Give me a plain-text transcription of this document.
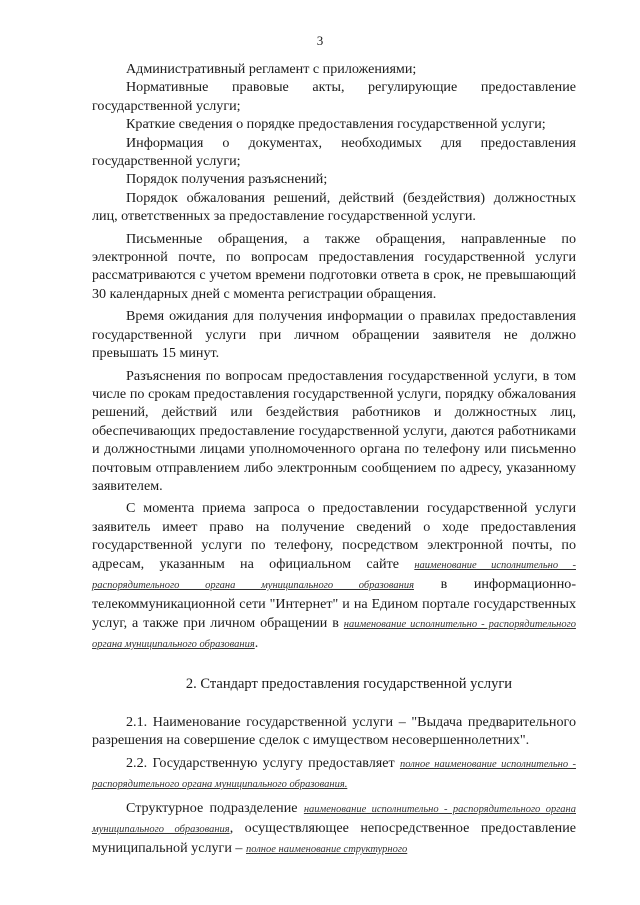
3

Административный регламент с приложениями;

Нормативные правовые акты, регулирующие предоставление государственной услуги;

Краткие сведения о порядке предоставления государственной услуги;

Информация о документах, необходимых для предоставления государственной услуги;

Порядок получения разъяснений;

Порядок обжалования решений, действий (бездействия) должностных лиц, ответственных за предоставление государственной услуги.

Письменные обращения, а также обращения, направленные по электронной почте, по вопросам предоставления государственной услуги рассматриваются с учетом времени подготовки ответа в срок, не превышающий 30 календарных дней с момента регистрации обращения.

Время ожидания для получения информации о правилах предоставления государственной услуги при личном обращении заявителя не должно превышать 15 минут.

Разъяснения по вопросам предоставления государственной услуги, в том числе по срокам предоставления государственной услуги, порядку обжалования решений, действий или бездействия работников и должностных лиц, обеспечивающих предоставление государственной услуги, даются работниками и должностными лицами уполномоченного органа по телефону или письменно почтовым отправлением либо электронным сообщением по адресу, указанному заявителем.

С момента приема запроса о предоставлении государственной услуги заявитель имеет право на получение сведений о ходе предоставления государственной услуги по телефону, посредством электронной почты, по адресам, указанным на официальном сайте наименование исполнительно - распорядительного органа муниципального образования в информационно-телекоммуникационной сети "Интернет" и на Едином портале государственных услуг, а также при личном обращении в наименование исполнительно - распорядительного органа муниципального образования.

2. Стандарт предоставления государственной услуги

2.1. Наименование государственной услуги – "Выдача предварительного разрешения на совершение сделок с имуществом несовершеннолетних".

2.2. Государственную услугу предоставляет полное наименование исполнительно - распорядительного органа муниципального образования.

Структурное подразделение наименование исполнительно - распорядительного органа муниципального образования, осуществляющее непосредственное предоставление муниципальной услуги – полное наименование структурного
